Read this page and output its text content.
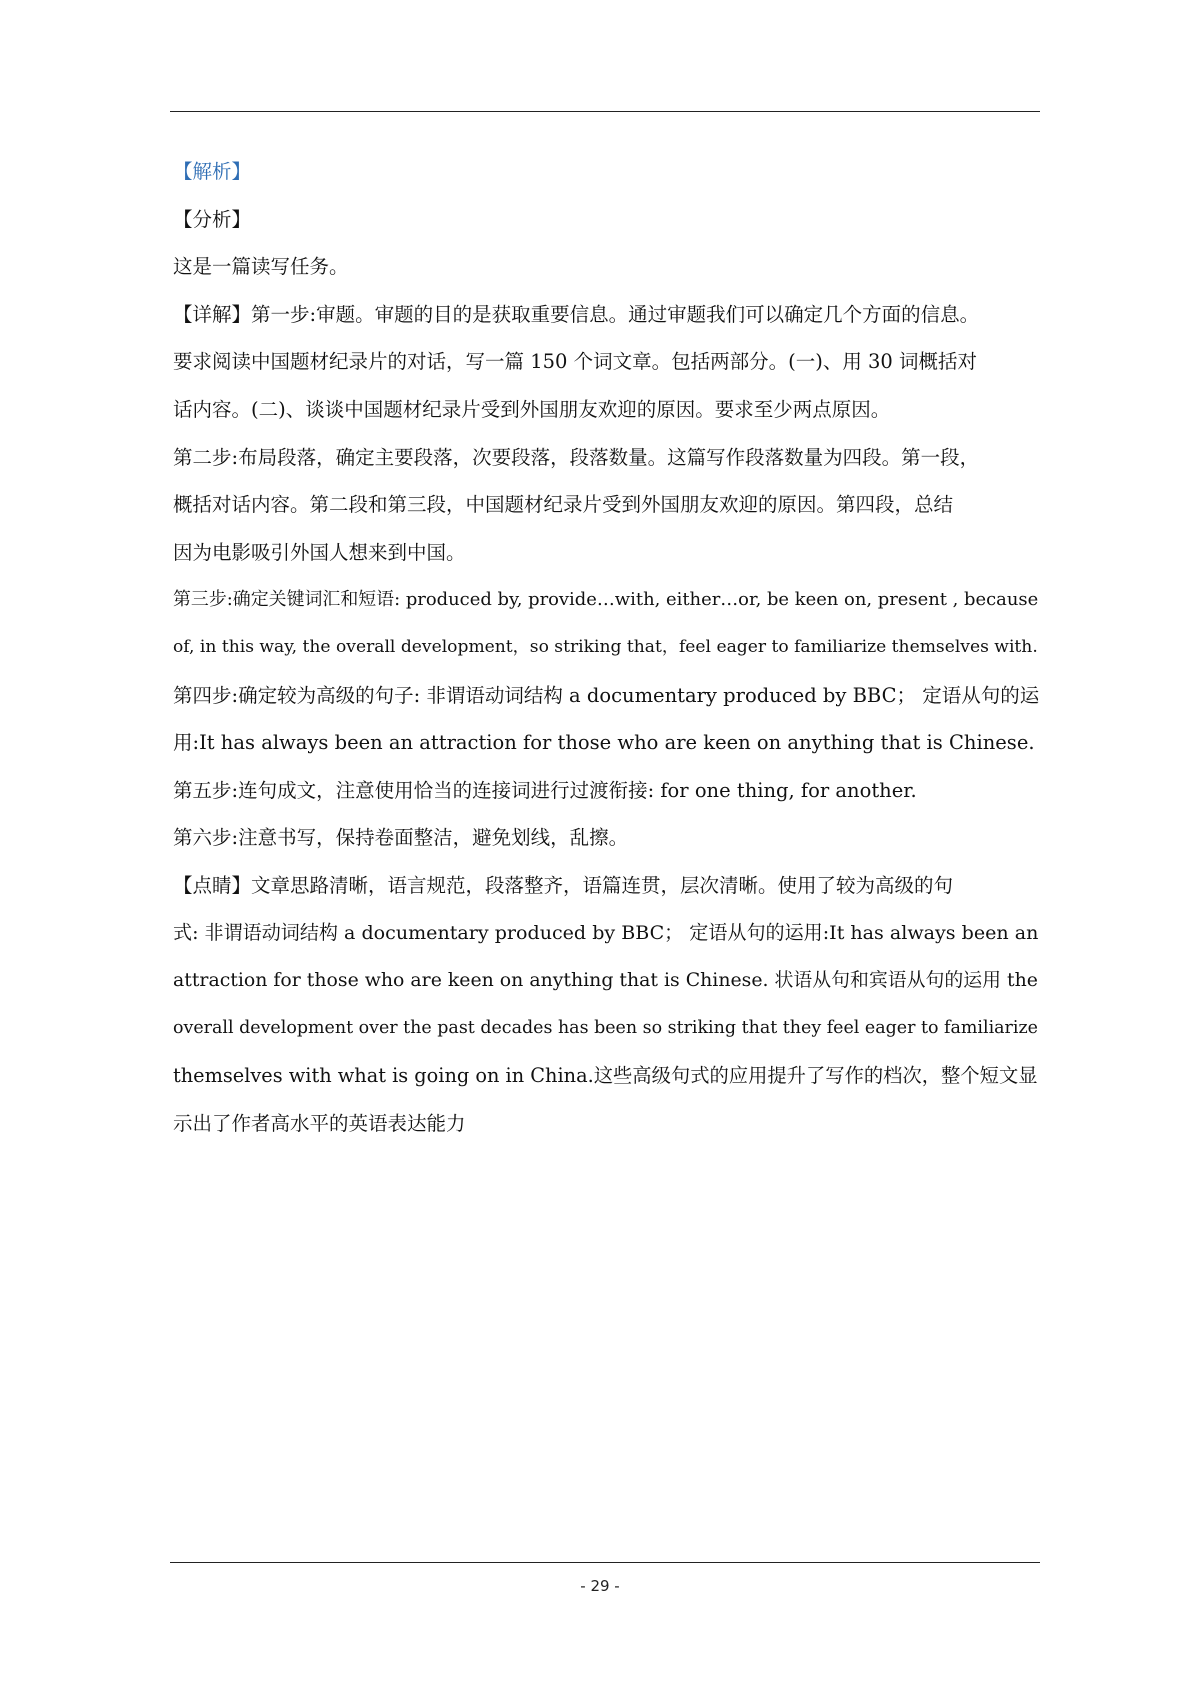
【解析】
【分析】
这是一篇读写任务。
【详解】第一步:审题。审题的目的是获取重要信息。通过审题我们可以确定几个方面的信息。
要求阅读中国题材纪录片的对话，写一篇 150 个词文章。包括两部分。(一)、用 30 词概括对
话内容。(二)、谈谈中国题材纪录片受到外国朋友欢迎的原因。要求至少两点原因。
第二步:布局段落，确定主要段落，次要段落，段落数量。这篇写作段落数量为四段。第一段，
概括对话内容。第二段和第三段，中国题材纪录片受到外国朋友欢迎的原因。第四段，总结
因为电影吸引外国人想来到中国。
第三步:确定关键词汇和短语: produced by, provide…with, either…or, be keen on, present , because
of, in this way, the overall development，so striking that，feel eager to familiarize themselves with.
第四步:确定较为高级的句子: 非谓语动词结构 a documentary produced by BBC； 定语从句的运
用:It has always been an attraction for those who are keen on anything that is Chinese.
第五步:连句成文，注意使用恰当的连接词进行过渡衔接: for one thing, for another.
第六步:注意书写，保持卷面整洁，避免划线，乱擦。
【点睛】文章思路清晰，语言规范，段落整齐，语篇连贯，层次清晰。使用了较为高级的句
式: 非谓语动词结构 a documentary produced by BBC； 定语从句的运用:It has always been an
attraction for those who are keen on anything that is Chinese. 状语从句和宾语从句的运用 the
overall development over the past decades has been so striking that they feel eager to familiarize
themselves with what is going on in China.这些高级句式的应用提升了写作的档次，整个短文显
示出了作者高水平的英语表达能力
- 29 -
